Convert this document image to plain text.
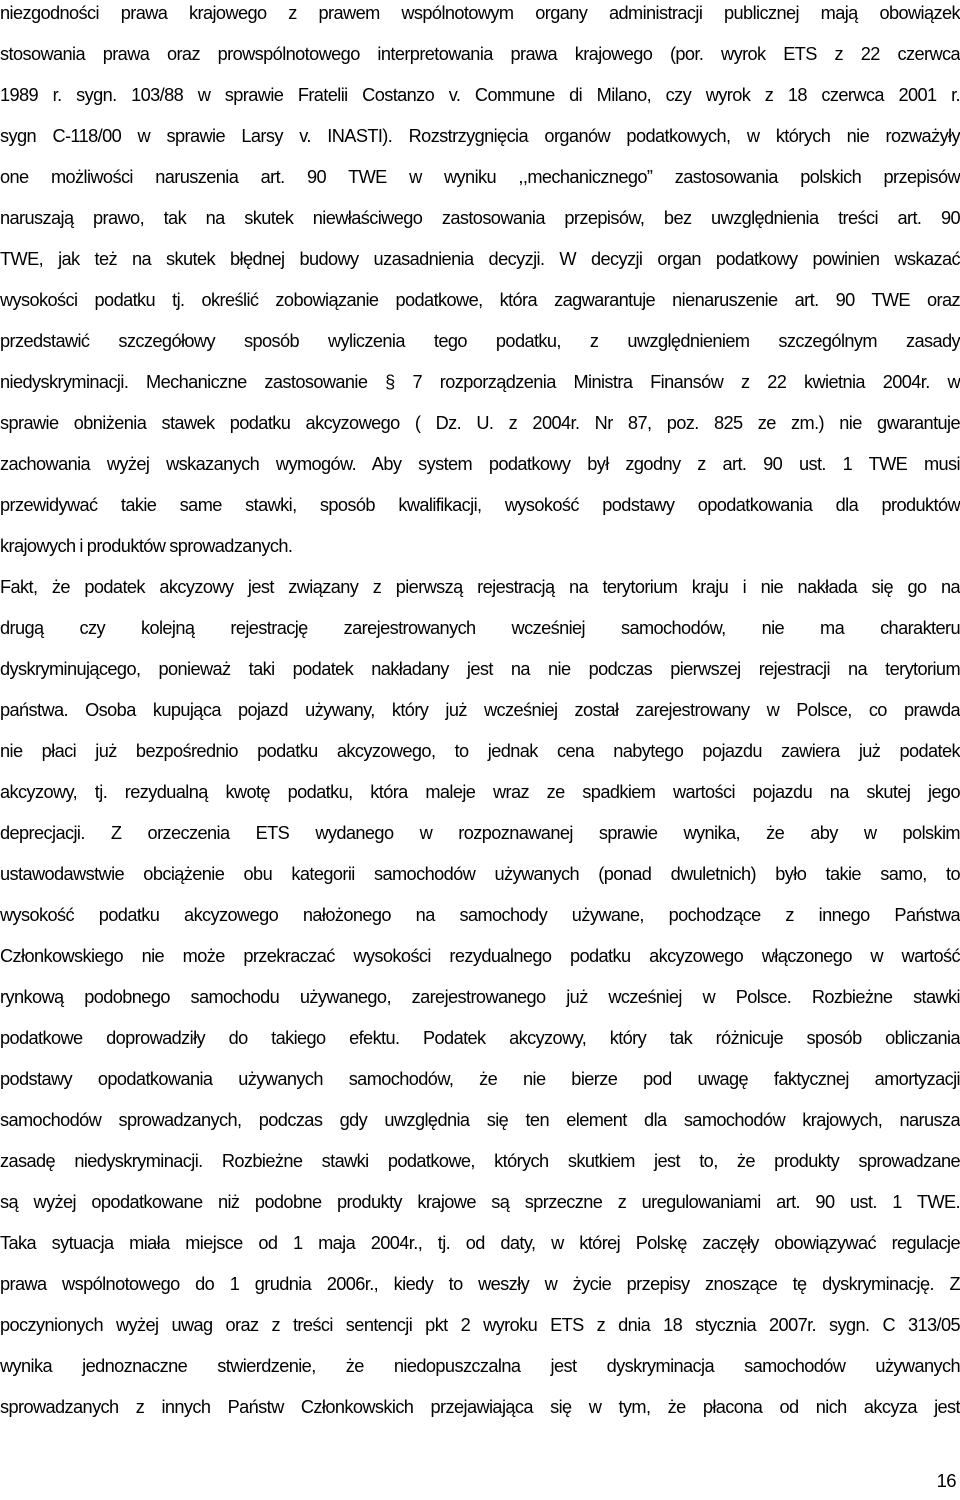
niezgodności prawa krajowego z prawem wspólnotowym organy administracji publicznej mają obowiązek
stosowania prawa oraz prowspólnotowego interpretowania prawa krajowego (por. wyrok ETS z 22 czerwca
1989 r. sygn. 103/88 w sprawie Fratelii Costanzo v. Commune di Milano, czy wyrok z 18 czerwca 2001 r.
sygn C-118/00 w sprawie Larsy v. INASTI). Rozstrzygnięcia organów podatkowych, w których nie rozważyły
one możliwości naruszenia art. 90 TWE w wyniku ,,mechanicznego” zastosowania polskich przepisów
naruszają prawo, tak na skutek niewłaściwego zastosowania przepisów, bez uwzględnienia treści art. 90
TWE, jak też na skutek błędnej budowy uzasadnienia decyzji. W decyzji organ podatkowy powinien wskazać
wysokości podatku tj. określić zobowiązanie podatkowe, która zagwarantuje nienaruszenie art. 90 TWE oraz
przedstawić szczegółowy sposób wyliczenia tego podatku, z uwzględnieniem szczególnym zasady
niedyskryminacji. Mechaniczne zastosowanie § 7 rozporządzenia Ministra Finansów z 22 kwietnia 2004r. w
sprawie obniżenia stawek podatku akcyzowego ( Dz. U. z 2004r. Nr 87, poz. 825 ze zm.) nie gwarantuje
zachowania wyżej wskazanych wymogów. Aby system podatkowy był zgodny z art. 90 ust. 1 TWE musi
przewidywać takie same stawki, sposób kwalifikacji, wysokość podstawy opodatkowania dla produktów
krajowych i produktów sprowadzanych.
Fakt, że podatek akcyzowy jest związany z pierwszą rejestracją na terytorium kraju i nie nakłada się go na
drugą czy kolejną rejestrację zarejestrowanych wcześniej samochodów, nie ma charakteru
dyskryminującego, ponieważ taki podatek nakładany jest na nie podczas pierwszej rejestracji na terytorium
państwa. Osoba kupująca pojazd używany, który już wcześniej został zarejestrowany w Polsce, co prawda
nie płaci już bezpośrednio podatku akcyzowego, to jednak cena nabytego pojazdu zawiera już podatek
akcyzowy, tj. rezydualną kwotę podatku, która maleje wraz ze spadkiem wartości pojazdu na skutej jego
deprecjacji. Z orzeczenia ETS wydanego w rozpoznawanej sprawie wynika, że aby w polskim
ustawodawstwie obciążenie obu kategorii samochodów używanych (ponad dwuletnich) było takie samo, to
wysokość podatku akcyzowego nałożonego na samochody używane, pochodzące z innego Państwa
Członkowskiego nie może przekraczać wysokości rezydualnego podatku akcyzowego włączonego w wartość
rynkową podobnego samochodu używanego, zarejestrowanego już wcześniej w Polsce. Rozbieżne stawki
podatkowe doprowadziły do takiego efektu. Podatek akcyzowy, który tak różnicuje sposób obliczania
podstawy opodatkowania używanych samochodów, że nie bierze pod uwagę faktycznej amortyzacji
samochodów sprowadzanych, podczas gdy uwzględnia się ten element dla samochodów krajowych, narusza
zasadę niedyskryminacji. Rozbieżne stawki podatkowe, których skutkiem jest to, że produkty sprowadzane
są wyżej opodatkowane niż podobne produkty krajowe są sprzeczne z uregulowaniami art. 90 ust. 1 TWE.
Taka sytuacja miała miejsce od 1 maja 2004r., tj. od daty, w której Polskę zaczęły obowiązywać regulacje
prawa wspólnotowego do 1 grudnia 2006r., kiedy to weszły w życie przepisy znoszące tę dyskryminację. Z
poczynionych wyżej uwag oraz z treści sentencji pkt 2 wyroku ETS z dnia 18 stycznia 2007r. sygn. C 313/05
wynika jednoznaczne stwierdzenie, że niedopuszczalna jest dyskryminacja samochodów używanych
sprowadzanych z innych Państw Członkowskich przejawiająca się w tym, że płacona od nich akcyza jest
16
